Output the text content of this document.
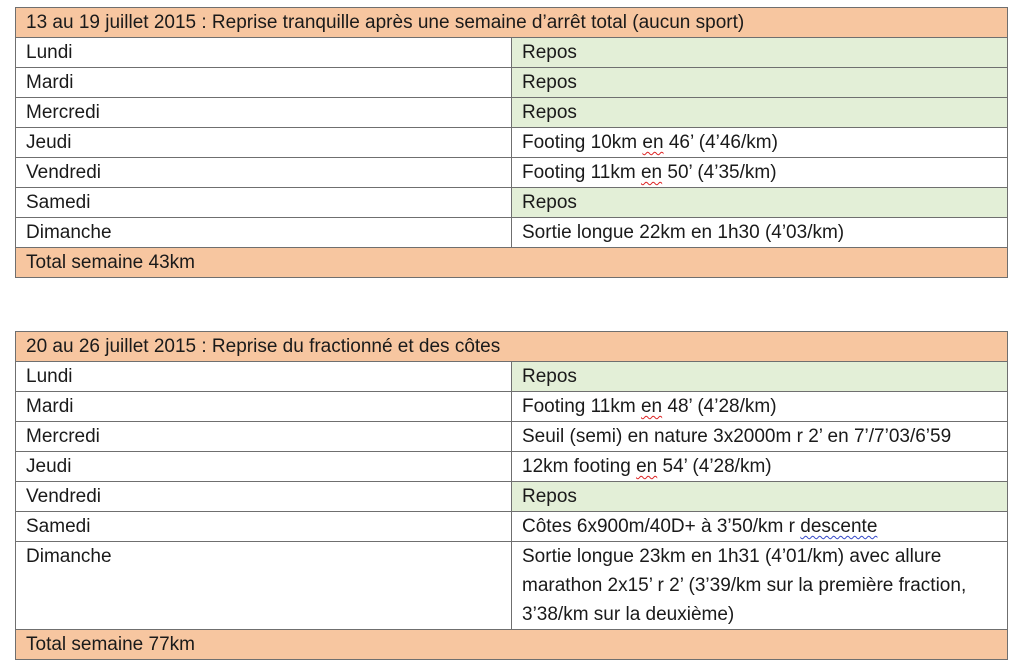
13 au 19 juillet 2015 : Reprise tranquille après une semaine d’arrêt total (aucun sport)	
Lundi	Repos
Mardi	Repos
Mercredi	Repos
Jeudi	Footing 10km en 46’ (4’46/km)
Vendredi	Footing 11km en 50’ (4’35/km)
Samedi	Repos
Dimanche	Sortie longue 22km en 1h30 (4’03/km)
Total semaine 43km	
20 au 26 juillet 2015 : Reprise du fractionné et des côtes	
Lundi	Repos
Mardi	Footing 11km en 48’ (4’28/km)
Mercredi	Seuil (semi) en nature 3x2000m r 2’ en 7’/7’03/6’59
Jeudi	12km footing en 54’ (4’28/km)
Vendredi	Repos
Samedi	Côtes 6x900m/40D+ à 3’50/km r descente
Dimanche	Sortie longue 23km en 1h31 (4’01/km) avec allure marathon 2x15’ r 2’ (3’39/km sur la première fraction, 3’38/km sur la deuxième)
Total semaine 77km	
